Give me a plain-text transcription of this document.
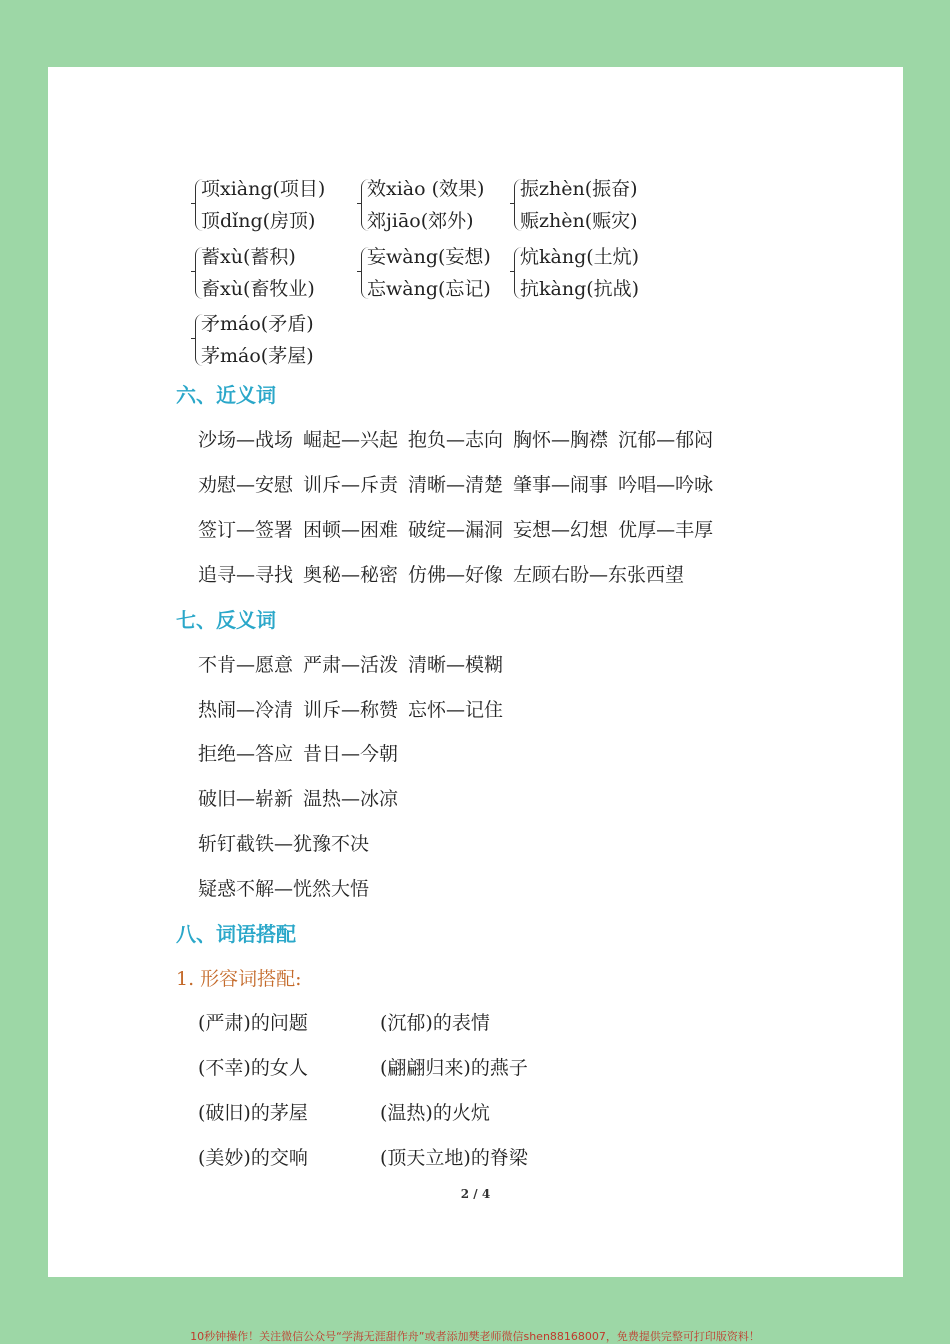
项xiàng(项目)
顶dǐng(房顶)
效xiào (效果)
郊jiāo(郊外)
振zhèn(振奋)
赈zhèn(赈灾)
蓄xù(蓄积)
畜xù(畜牧业)
妄wàng(妄想)
忘wàng(忘记)
炕kàng(土炕)
抗kàng(抗战)
矛máo(矛盾)
茅máo(茅屋)
六、近义词
沙场—战场 崛起—兴起 抱负—志向 胸怀—胸襟 沉郁—郁闷
劝慰—安慰 训斥—斥责 清晰—清楚 肇事—闹事 吟唱—吟咏
签订—签署 困顿—困难 破绽—漏洞 妄想—幻想 优厚—丰厚
追寻—寻找 奥秘—秘密 仿佛—好像 左顾右盼—东张西望
七、反义词
不肯—愿意 严肃—活泼 清晰—模糊
热闹—冷清 训斥—称赞 忘怀—记住
拒绝—答应 昔日—今朝
破旧—崭新 温热—冰凉
斩钉截铁—犹豫不决
疑惑不解—恍然大悟
八、词语搭配
1. 形容词搭配:
(严肃)的问题	(沉郁)的表情
(不幸)的女人	(翩翩归来)的燕子
(破旧)的茅屋	(温热)的火炕
(美妙)的交响	(顶天立地)的脊梁
2 / 4
10秒钟操作！关注微信公众号“学海无涯甜作舟”或者添加樊老师微信shen88168007，免费提供完整可打印版资料！
